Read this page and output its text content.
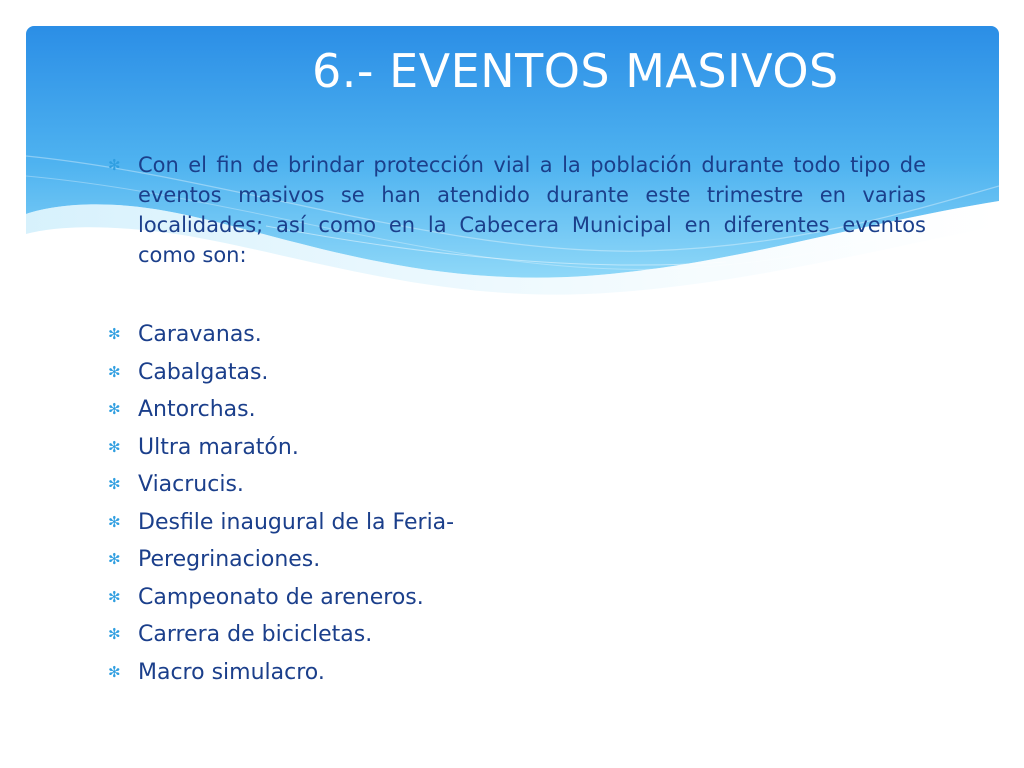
6.- EVENTOS MASIVOS
✻ Con el fin de brindar protección vial a la población durante todo tipo de eventos masivos se han atendido durante este trimestre en varias localidades; así como en la Cabecera Municipal en diferentes eventos como son:
✻ Caravanas.
✻ Cabalgatas.
✻ Antorchas.
✻ Ultra maratón.
✻ Viacrucis.
✻ Desfile inaugural de la Feria-
✻ Peregrinaciones.
✻ Campeonato de areneros.
✻ Carrera de bicicletas.
✻ Macro simulacro.
